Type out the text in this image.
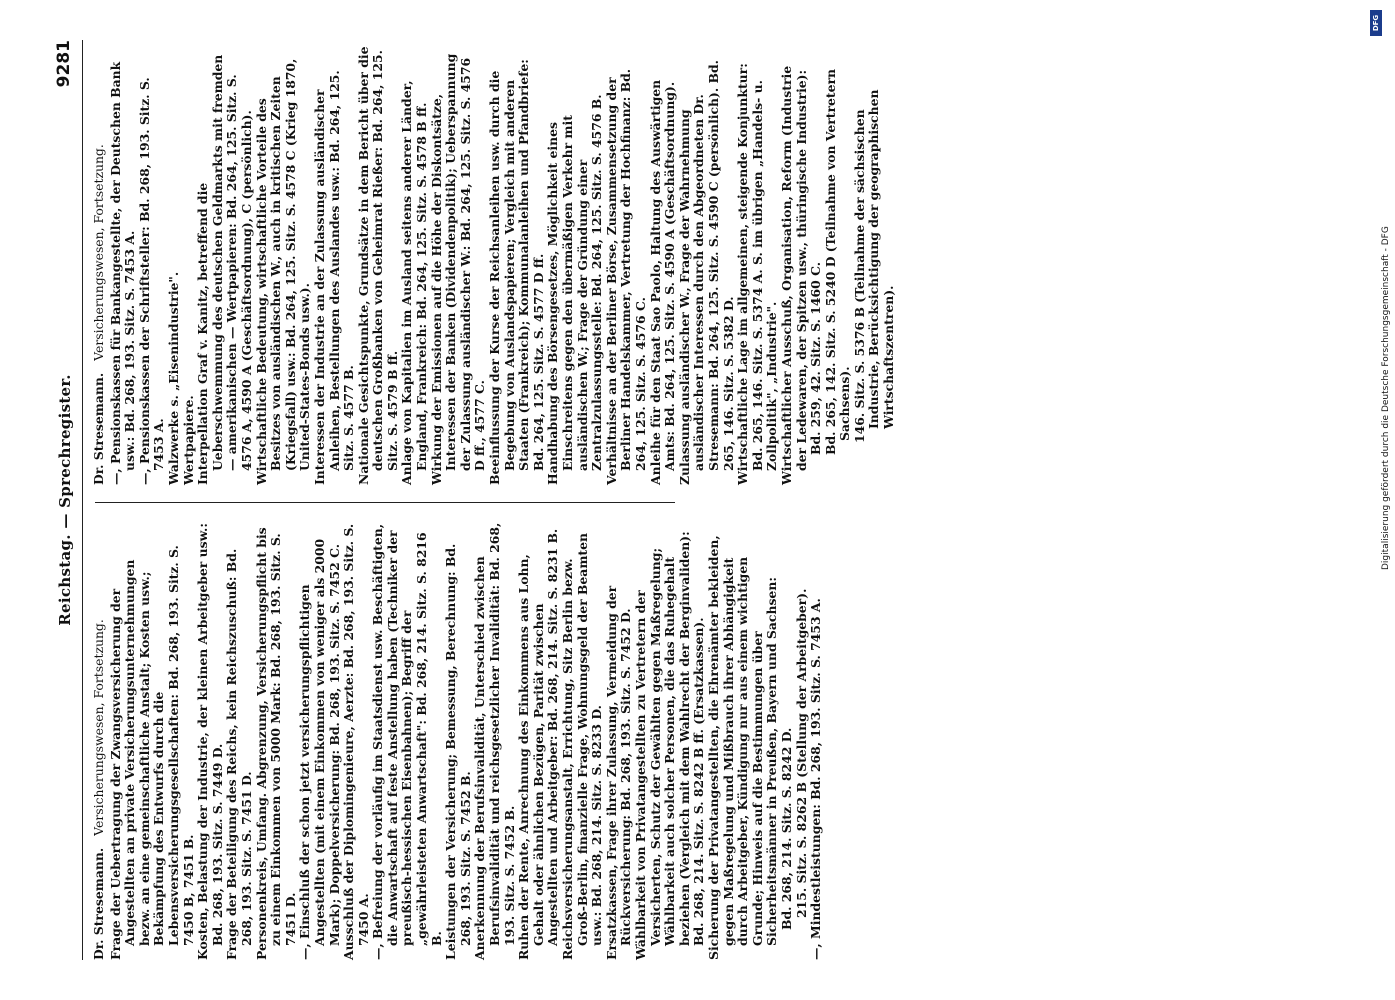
Reichstag. — Sprechregister.
9281
Dr. Stresemann.
Versicherungswesen, Fortsetzung. Frage der Uebertragung der Zwangsversicherung der Angestellten an private Versicherungsunternehmungen bezw. an eine gemeinschaftliche Anstalt; Kosten usw.; Bekämpfung des Entwurfs durch die Lebensversicherungsgesellschaften: Bd. 268, 193. Sitz. S. 7450 B, 7451 B. Kosten, Belastung der Industrie, der kleinen Arbeitgeber usw.: Bd. 268, 193. Sitz. S. 7449 D. Frage der Beteiligung des Reichs, kein Reichszuschuß: Bd. 268, 193. Sitz. S. 7451 D. Personenkreis, Umfang. Abgrenzung, Versicherungspflicht bis zu einem Einkommen von 5000 Mark: Bd. 268, 193. Sitz. S. 7451 D. —, Einschluß der schon jetzt versicherungspflichtigen Angestellten (mit einem Einkommen von weniger als 2000 Mark); Doppelversicherung: Bd. 268, 193. Sitz. S. 7452 C. Ausschluß der Diplomingenieure, Aerzte: Bd. 268, 193. Sitz. S. 7450 A. —, Befreiung der vorläufig im Staatsdienst usw. Beschäftigten, die Anwartschaft auf feste Anstellung haben (Techniker der preußisch-hessischen Eisenbahnen); Begriff der „gewährleisteten Anwartschaft": Bd. 268, 214. Sitz. S. 8216 B. Leistungen der Versicherung; Bemessung, Berechnung: Bd. 268, 193. Sitz. S. 7452 B. Anerkennung der Berufsinvalidität, Unterschied zwischen Berufsinvalidität und reichsgesetzlicher Invalidität: Bd. 268, 193. Sitz. S. 7452 B. Ruhen der Rente, Anrechnung des Einkommens aus Lohn, Gehalt oder ähnlichen Bezügen, Parität zwischen Angestellten und Arbeitgeber: Bd. 268, 214. Sitz. S. 8231 B. Reichsversicherungsanstalt, Errichtung, Sitz Berlin bezw. Groß-Berlin, finanzielle Frage, Wohnungsgeld der Beamten usw.: Bd. 268, 214. Sitz. S. 8233 D. Ersatzkassen, Frage ihrer Zulassung, Vermeidung der Rückversicherung: Bd. 268, 193. Sitz. S. 7452 D. Wählbarkeit von Privatangestellten zu Vertretern der Versicherten, Schutz der Gewählten gegen Maßregelung; Wählbarkeit auch solcher Personen, die das Ruhegehalt beziehen (Vergleich mit dem Wahlrecht der Berginvaliden): Bd. 268, 214. Sitz. S. 8242 B ff. (Ersatzkassen). Sicherung der Privatangestellten, die Ehrenämter bekleiden, gegen Maßregelung und Mißbrauch ihrer Abhängigkeit durch Arbeitgeber, Kündigung nur aus einem wichtigen Grunde; Hinweis auf die Bestimmungen über Sicherheitsmänner in Preußen, Bayern und Sachsen: Bd. 268, 214. Sitz. S. 8242 D. 215. Sitz. S. 8262 B (Stellung der Arbeitgeber). —, Mindestleistungen: Bd. 268, 193. Sitz. S. 7453 A.

Dr. Stresemann.
Versicherungswesen, Fortsetzung. —, Pensionskassen für Bankangestellte, der Deutschen Bank usw.: Bd. 268, 193. Sitz. S. 7453 A. —, Pensionskassen der Schriftsteller: Bd. 268, 193. Sitz. S. 7453 A. Walzwerke s. „Eisenindustrie". Wertpapiere. Interpellation Graf v. Kanitz, betreffend die Ueberschwemmung des deutschen Geldmarkts mit fremden — amerikanischen — Wertpapieren: Bd. 264, 125. Sitz. S. 4576 A, 4590 A (Geschäftsordnung), C (persönlich). Wirtschaftliche Bedeutung, wirtschaftliche Vorteile des Besitzes von ausländischen W., auch in kritischen Zeiten (Kriegsfall) usw.: Bd. 264, 125. Sitz. S. 4578 C (Krieg 1870, United-States-Bonds usw.). Interessen der Industrie an der Zulassung ausländischer Anleihen, Bestellungen des Auslandes usw.: Bd. 264, 125. Sitz. S. 4577 B. Nationale Gesichtspunkte, Grundsätze in dem Bericht über die deutschen Großbanken von Geheimrat Rießer: Bd. 264, 125. Sitz. S. 4579 B ff. Anlage von Kapitalien im Ausland seitens anderer Länder, England, Frankreich: Bd. 264, 125. Sitz. S. 4578 B ff. Wirkung der Emissionen auf die Höhe der Diskontsätze, Interessen der Banken (Dividendenpolitik); Ueberspannung der Zulassung ausländischer W.: Bd. 264, 125. Sitz. S. 4576 D ff., 4577 C. Beeinflussung der Kurse der Reichsanleihen usw. durch die Begebung von Auslandspapieren; Vergleich mit anderen Staaten (Frankreich); Kommunalanleihen und Pfandbriefe: Bd. 264, 125. Sitz. S. 4577 D ff. Handhabung des Börsengesetzes, Möglichkeit eines Einschreitens gegen den übermäßigen Verkehr mit ausländischen W.; Frage der Gründung einer Zentralzulassungsstelle: Bd. 264, 125. Sitz. S. 4576 B. Verhältnisse an der Berliner Börse, Zusammensetzung der Berliner Handelskammer, Vertretung der Hochfinanz: Bd. 264, 125. Sitz. S. 4576 C. Anleihe für den Staat Sao Paolo, Haltung des Auswärtigen Amts: Bd. 264, 125. Sitz. S. 4590 A (Geschäftsordnung). Zulassung ausländischer W., Frage der Wahrnehmung ausländischer Interessen durch den Abgeordneten Dr. Stresemann: Bd. 264, 125. Sitz. S. 4590 C (persönlich). Bd. 265, 146. Sitz. S. 5382 D. Wirtschaftliche Lage im allgemeinen, steigende Konjunktur: Bd. 265, 146. Sitz. S. 5374 A. S. im übrigen „Handels- u. Zollpolitik", „Industrie". Wirtschaftlicher Ausschuß, Organisation, Reform (Industrie der Ledewaren, der Spitzen usw., thüringische Industrie): Bd. 259, 42. Sitz. S. 1460 C. Bd. 265, 142. Sitz. S. 5240 D (Teilnahme von Vertretern Sachsens). 146. Sitz. S. 5376 B (Teilnahme der sächsischen Industrie, Berücksichtigung der geographischen Wirtschaftszentren).	Digitalisierung gefördert durch die Deutsche Forschungsgemeinschaft - DFG
DFG
